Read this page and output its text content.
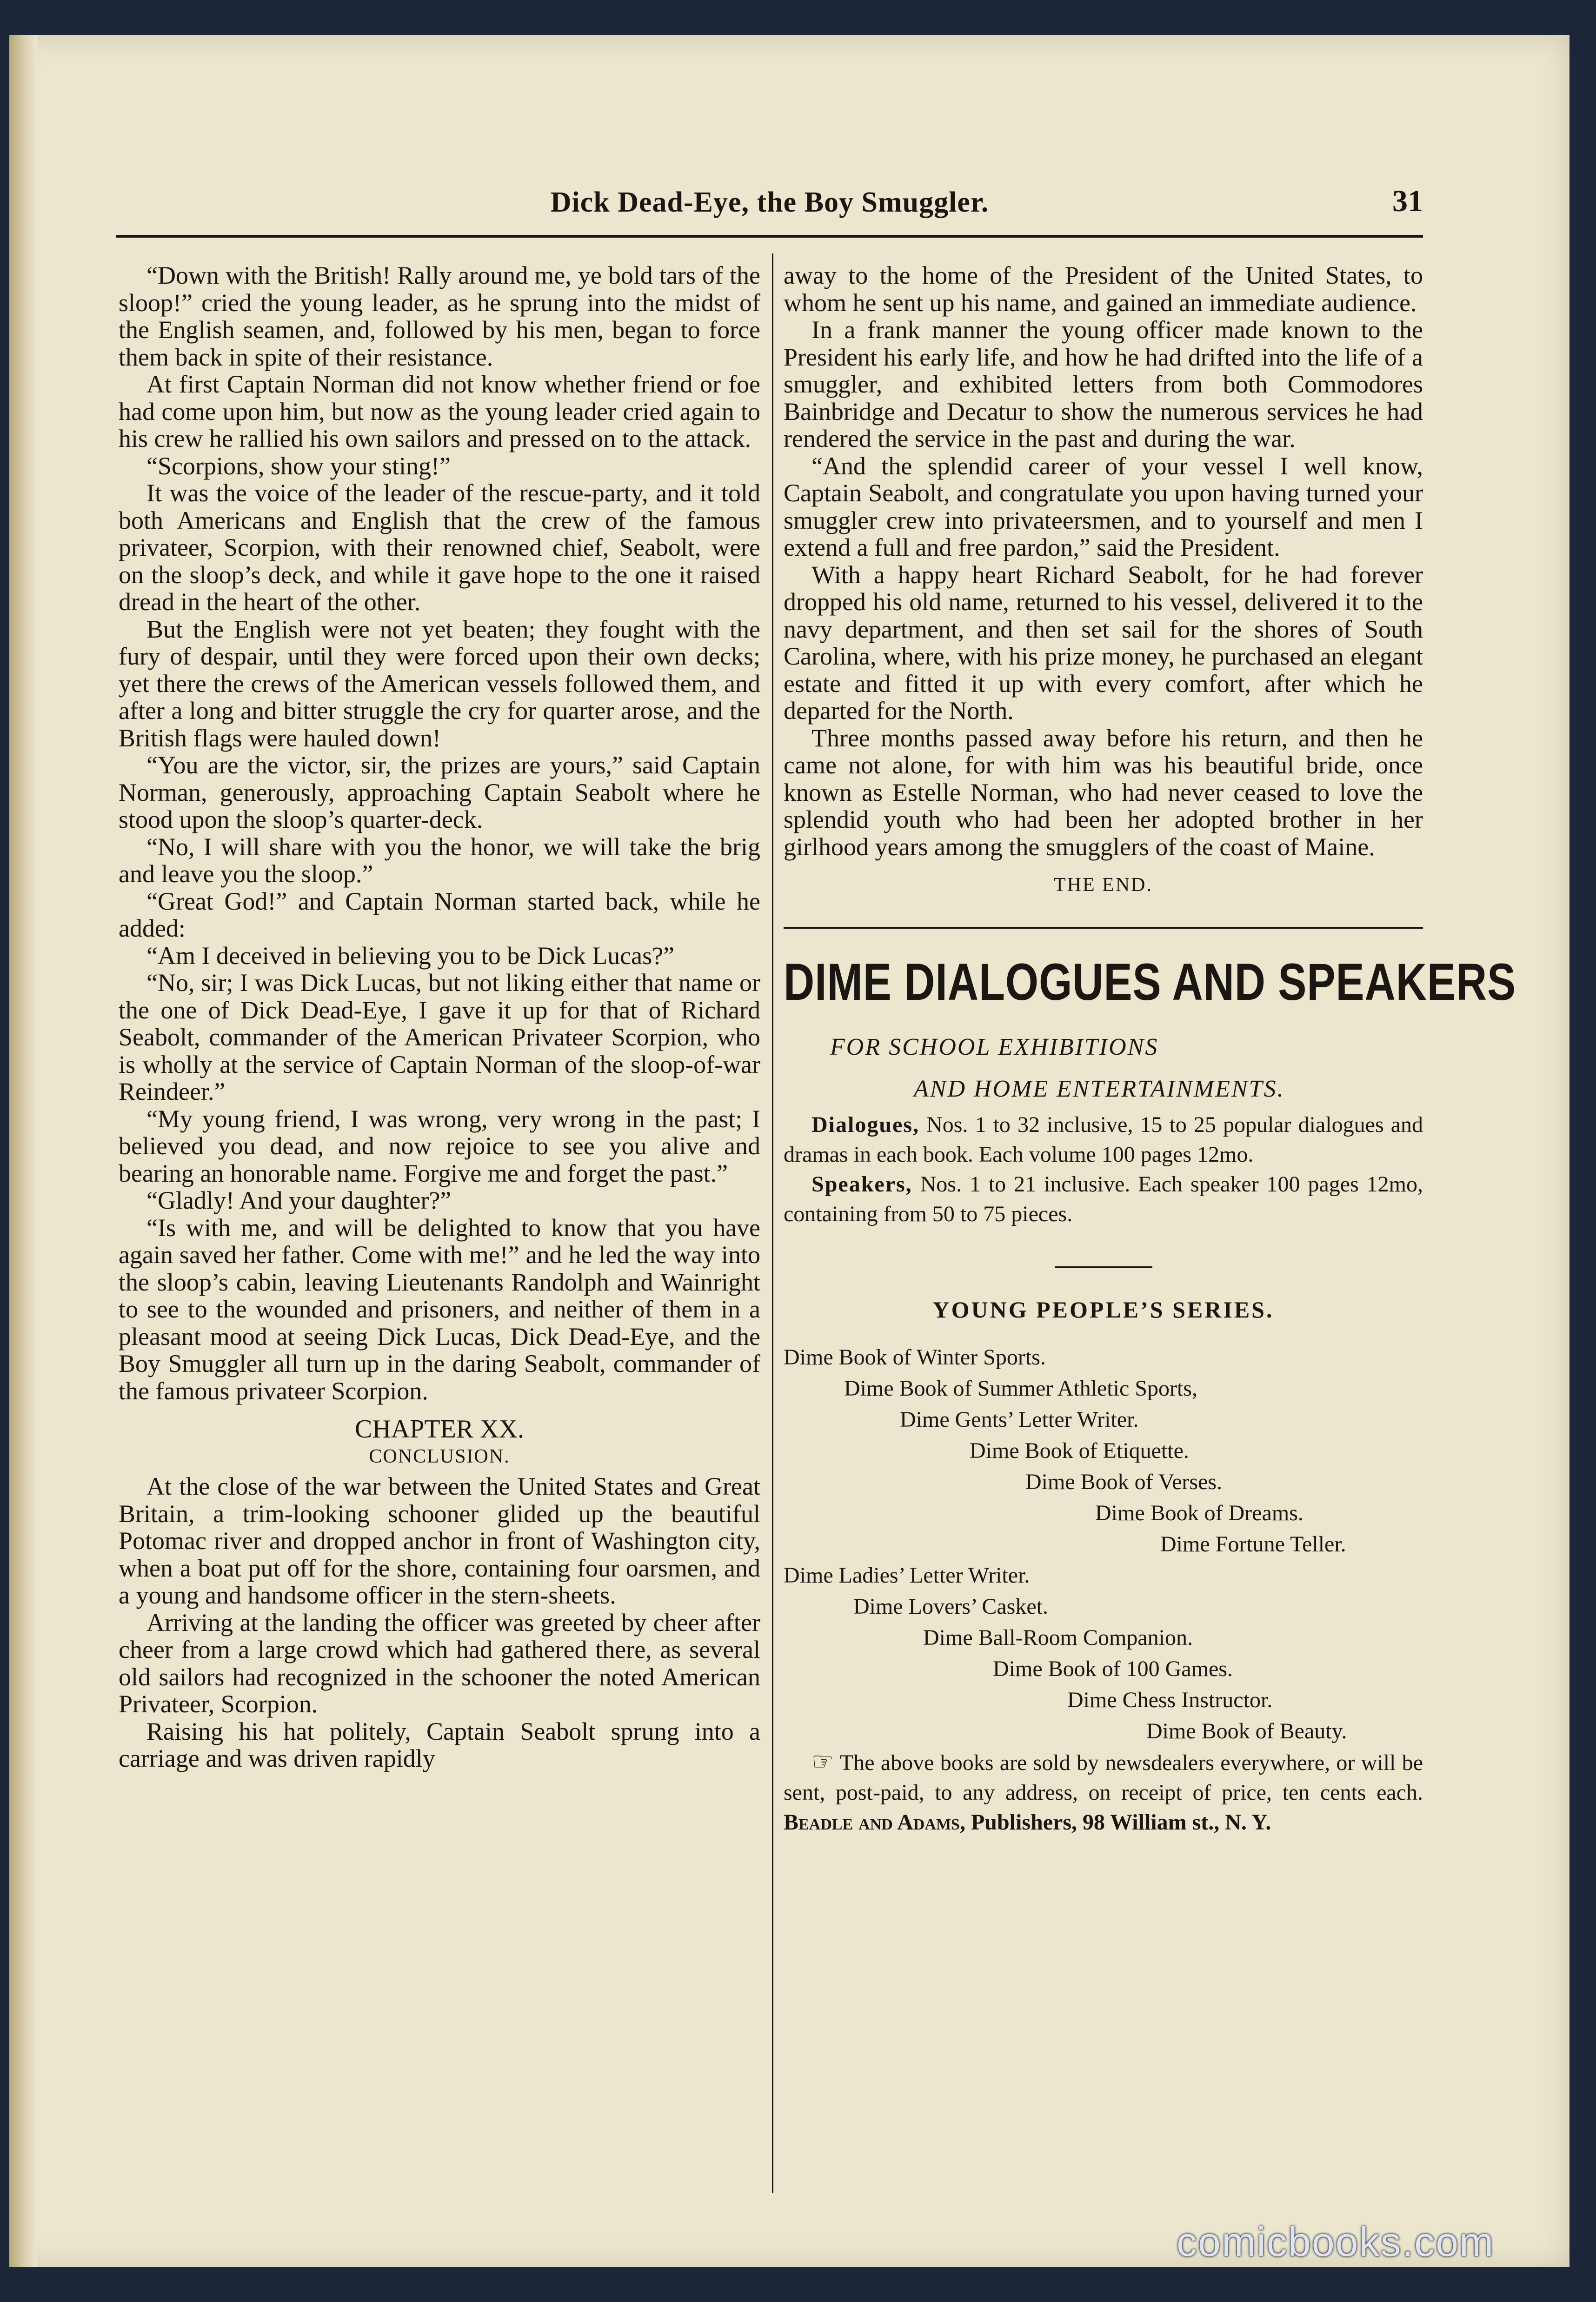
Dick Dead-Eye, the Boy Smuggler.	31

“Down with the British! Rally around me, ye bold tars of the sloop!” cried the young leader, as he sprung into the midst of the English seamen, and, followed by his men, began to force them back in spite of their resistance.

At first Captain Norman did not know whether friend or foe had come upon him, but now as the young leader cried again to his crew he rallied his own sailors and pressed on to the attack.

“Scorpions, show your sting!”

It was the voice of the leader of the rescue-party, and it told both Americans and English that the crew of the famous privateer, Scorpion, with their renowned chief, Seabolt, were on the sloop’s deck, and while it gave hope to the one it raised dread in the heart of the other.

But the English were not yet beaten; they fought with the fury of despair, until they were forced upon their own decks; yet there the crews of the American vessels followed them, and after a long and bitter struggle the cry for quarter arose, and the British flags were hauled down!

“You are the victor, sir, the prizes are yours,” said Captain Norman, generously, approaching Captain Seabolt where he stood upon the sloop’s quarter-deck.

“No, I will share with you the honor, we will take the brig and leave you the sloop.”

“Great God!” and Captain Norman started back, while he added:

“Am I deceived in believing you to be Dick Lucas?”

“No, sir; I was Dick Lucas, but not liking either that name or the one of Dick Dead-Eye, I gave it up for that of Richard Seabolt, commander of the American Privateer Scorpion, who is wholly at the service of Captain Norman of the sloop-of-war Reindeer.”

“My young friend, I was wrong, very wrong in the past; I believed you dead, and now rejoice to see you alive and bearing an honorable name. Forgive me and forget the past.”

“Gladly! And your daughter?”

“Is with me, and will be delighted to know that you have again saved her father. Come with me!” and he led the way into the sloop’s cabin, leaving Lieutenants Randolph and Wainright to see to the wounded and prisoners, and neither of them in a pleasant mood at seeing Dick Lucas, Dick Dead-Eye, and the Boy Smuggler all turn up in the daring Seabolt, commander of the famous privateer Scorpion.

CHAPTER XX.
CONCLUSION.

At the close of the war between the United States and Great Britain, a trim-looking schooner glided up the beautiful Potomac river and dropped anchor in front of Washington city, when a boat put off for the shore, containing four oarsmen, and a young and handsome officer in the stern-sheets.

Arriving at the landing the officer was greeted by cheer after cheer from a large crowd which had gathered there, as several old sailors had recognized in the schooner the noted American Privateer, Scorpion.

Raising his hat politely, Captain Seabolt sprung into a carriage and was driven rapidly

away to the home of the President of the United States, to whom he sent up his name, and gained an immediate audience.

In a frank manner the young officer made known to the President his early life, and how he had drifted into the life of a smuggler, and exhibited letters from both Commodores Bainbridge and Decatur to show the numerous services he had rendered the service in the past and during the war.

“And the splendid career of your vessel I well know, Captain Seabolt, and congratulate you upon having turned your smuggler crew into privateersmen, and to yourself and men I extend a full and free pardon,” said the President.

With a happy heart Richard Seabolt, for he had forever dropped his old name, returned to his vessel, delivered it to the navy department, and then set sail for the shores of South Carolina, where, with his prize money, he purchased an elegant estate and fitted it up with every comfort, after which he departed for the North.

Three months passed away before his return, and then he came not alone, for with him was his beautiful bride, once known as Estelle Norman, who had never ceased to love the splendid youth who had been her adopted brother in her girlhood years among the smugglers of the coast of Maine.

THE END.
DIME DIALOGUES AND SPEAKERS
FOR SCHOOL EXHIBITIONS
AND HOME ENTERTAINMENTS.

Dialogues, Nos. 1 to 32 inclusive, 15 to 25 popular dialogues and dramas in each book. Each volume 100 pages 12mo.

Speakers, Nos. 1 to 21 inclusive. Each speaker 100 pages 12mo, containing from 50 to 75 pieces.

YOUNG PEOPLE’S SERIES.
Dime Book of Winter Sports.
Dime Book of Summer Athletic Sports,
Dime Gents’ Letter Writer.
Dime Book of Etiquette.
Dime Book of Verses.
Dime Book of Dreams.
Dime Fortune Teller.
Dime Ladies’ Letter Writer.
Dime Lovers’ Casket.
Dime Ball-Room Companion.
Dime Book of 100 Games.
Dime Chess Instructor.
Dime Book of Beauty.

☞ The above books are sold by newsdealers everywhere, or will be sent, post-paid, to any address, on receipt of price, ten cents each. Beadle and Adams, Publishers, 98 William st., N. Y.

comicbooks.com
